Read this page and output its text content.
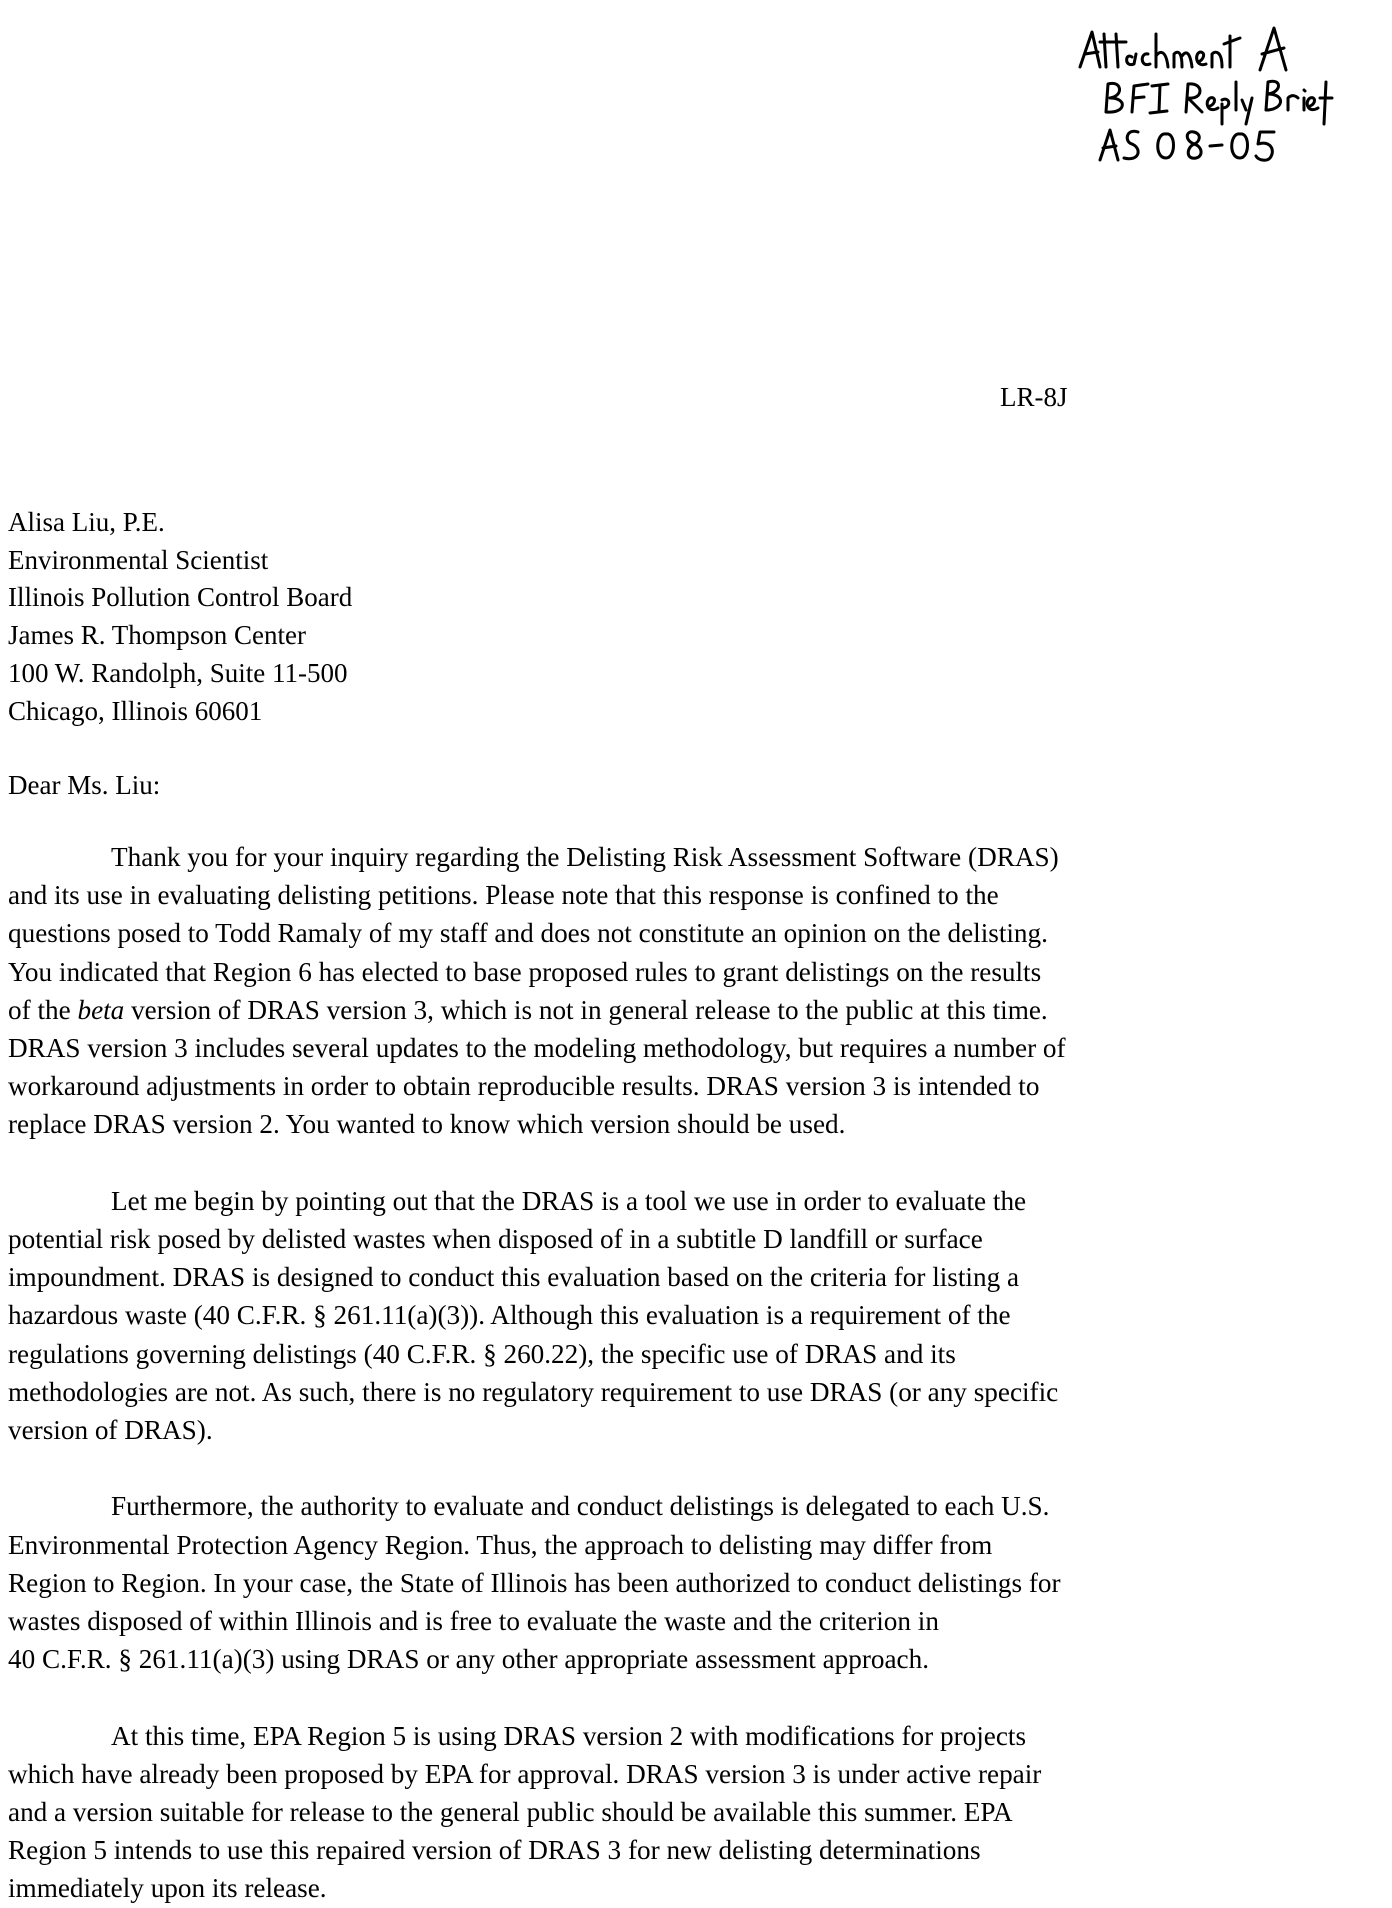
LR-8J
Alisa Liu, P.E.
Environmental Scientist
Illinois Pollution Control Board
James R. Thompson Center
100 W. Randolph, Suite 11-500
Chicago, Illinois 60601
Dear Ms. Liu:
Thank you for your inquiry regarding the Delisting Risk Assessment Software (DRAS)
and its use in evaluating delisting petitions. Please note that this response is confined to the
questions posed to Todd Ramaly of my staff and does not constitute an opinion on the delisting.
You indicated that Region 6 has elected to base proposed rules to grant delistings on the results
of the beta version of DRAS version 3, which is not in general release to the public at this time.
DRAS version 3 includes several updates to the modeling methodology, but requires a number of
workaround adjustments in order to obtain reproducible results. DRAS version 3 is intended to
replace DRAS version 2. You wanted to know which version should be used.
Let me begin by pointing out that the DRAS is a tool we use in order to evaluate the
potential risk posed by delisted wastes when disposed of in a subtitle D landfill or surface
impoundment. DRAS is designed to conduct this evaluation based on the criteria for listing a
hazardous waste (40 C.F.R. § 261.11(a)(3)). Although this evaluation is a requirement of the
regulations governing delistings (40 C.F.R. § 260.22), the specific use of DRAS and its
methodologies are not. As such, there is no regulatory requirement to use DRAS (or any specific
version of DRAS).
Furthermore, the authority to evaluate and conduct delistings is delegated to each U.S.
Environmental Protection Agency Region. Thus, the approach to delisting may differ from
Region to Region. In your case, the State of Illinois has been authorized to conduct delistings for
wastes disposed of within Illinois and is free to evaluate the waste and the criterion in
40 C.F.R. § 261.11(a)(3) using DRAS or any other appropriate assessment approach.
At this time, EPA Region 5 is using DRAS version 2 with modifications for projects
which have already been proposed by EPA for approval. DRAS version 3 is under active repair
and a version suitable for release to the general public should be available this summer. EPA
Region 5 intends to use this repaired version of DRAS 3 for new delisting determinations
immediately upon its release.
